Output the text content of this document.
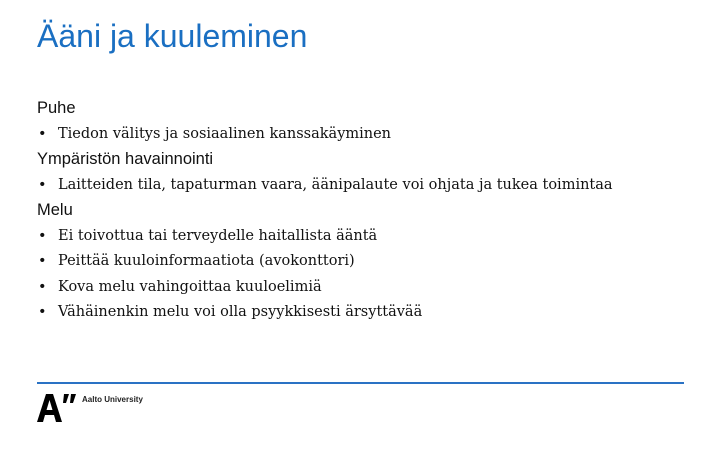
Ääni ja kuuleminen
Puhe
• Tiedon välitys ja sosiaalinen kanssakäyminen
Ympäristön havainnointi
• Laitteiden tila, tapaturman vaara, äänipalaute voi ohjata ja tukea toimintaa
Melu
• Ei toivottua tai terveydelle haitallista ääntä
• Peittää kuuloinformaatiota (avokonttori)
• Kova melu vahingoittaa kuuloelimiä
• Vähäinenkin melu voi olla psyykkisesti ärsyttävää
Aalto University
